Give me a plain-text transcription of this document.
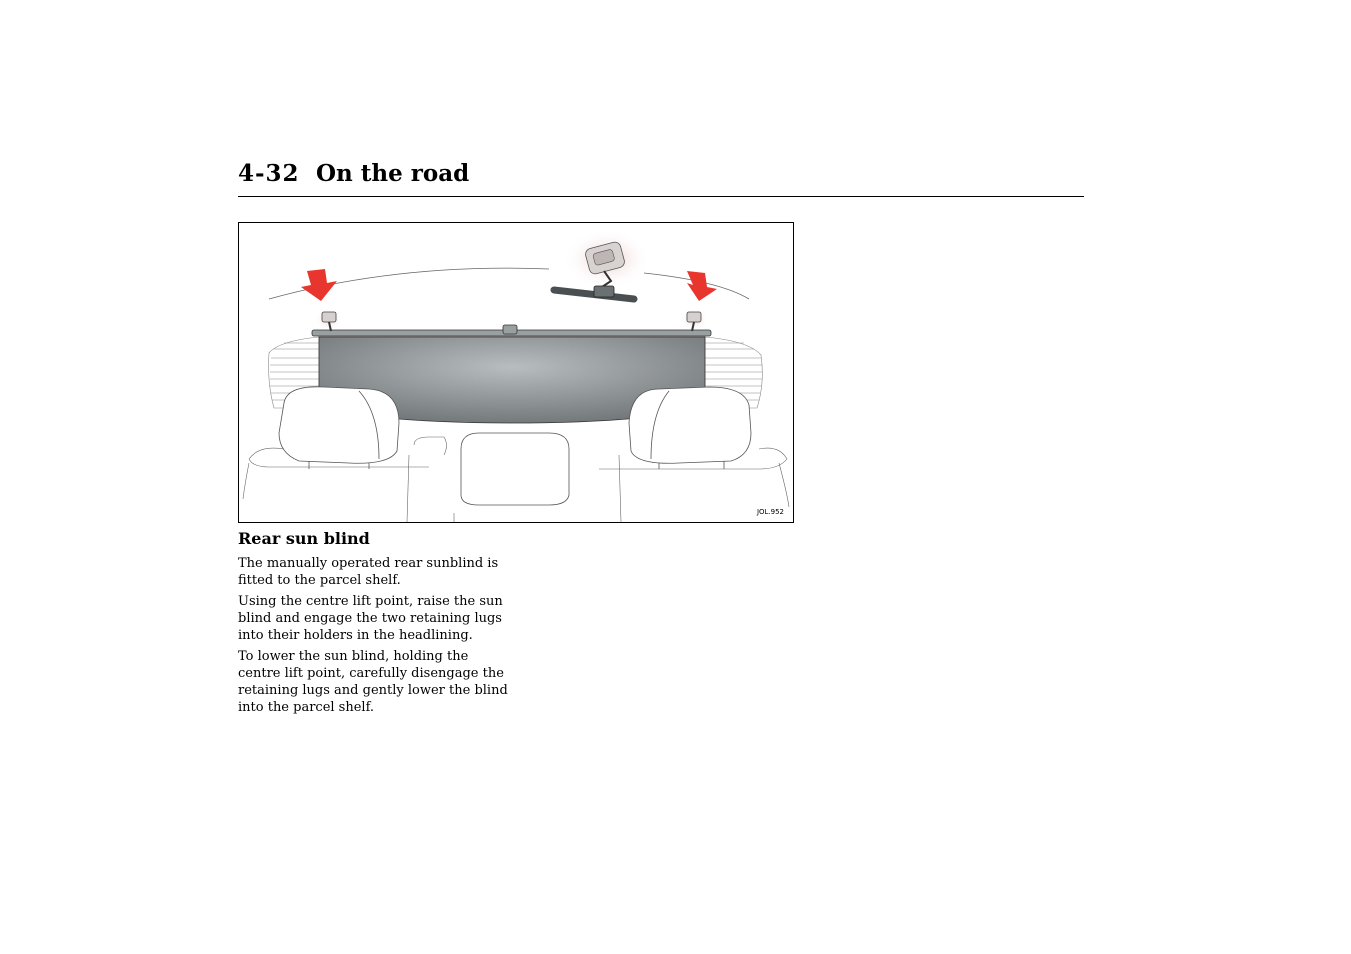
4-32 On the road
JOL.952
Rear sun blind

The manually operated rear sunblind is fitted to the parcel shelf.

Using the centre lift point, raise the sun blind and engage the two retaining lugs into their holders in the headlining.

To lower the sun blind, holding the centre lift point, carefully disengage the retaining lugs and gently lower the blind into the parcel shelf.
